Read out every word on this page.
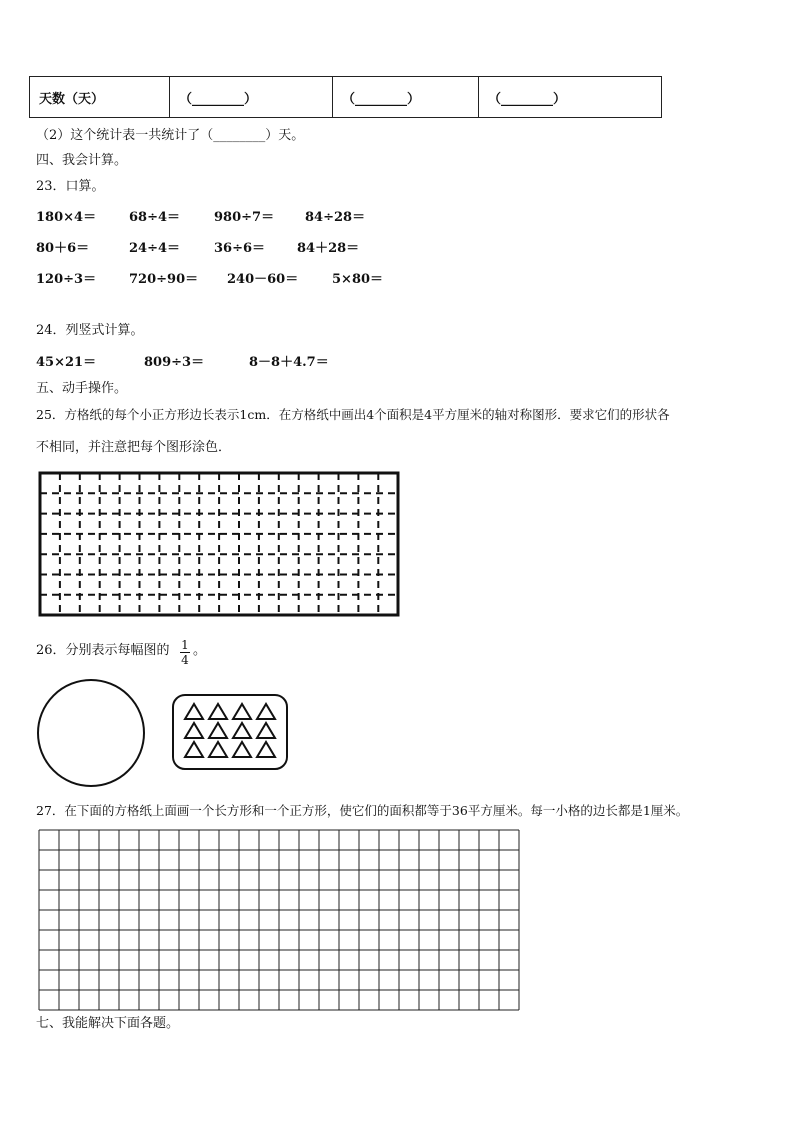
天数（天）	（________）	（________）	（________）
（2）这个统计表一共统计了（________）天。
四、我会计算。
23．口算。
180×4＝	68÷4＝	980÷7＝ 84÷28＝
80＋6＝	24÷4＝	36÷6＝ 84＋28＝
120÷3＝	720÷90＝ 240－60＝	5×80＝
24．列竖式计算。
45×21＝	809÷3＝	8－8＋4.7＝
五、动手操作。
25．方格纸的每个小正方形边长表示1cm．在方格纸中画出4个面积是4平方厘米的轴对称图形．要求它们的形状各
不相同，并注意把每个图形涂色．
26．分别表示每幅图的 $\frac{1}{4}$ 。
27．在下面的方格纸上面画一个长方形和一个正方形，使它们的面积都等于36平方厘米。每一小格的边长都是1厘米。
七、我能解决下面各题。
